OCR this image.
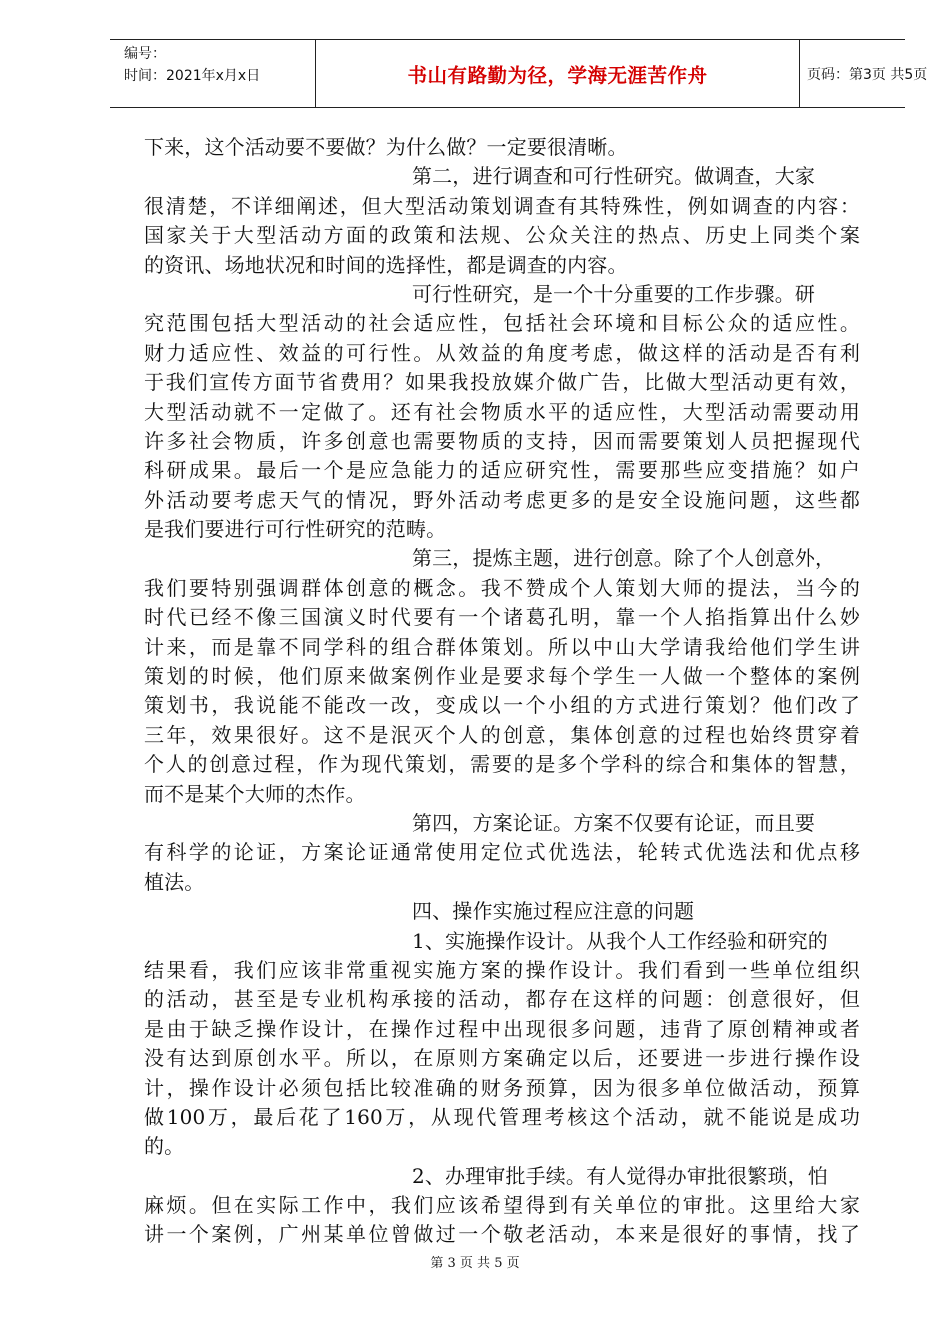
编号：
时间：2021年x月x日	书山有路勤为径，学海无涯苦作舟	页码：第3页 共5页
下来，这个活动要不要做？为什么做？一定要很清晰。
第二，进行调查和可行性研究。做调查，大家
很清楚，不详细阐述，但大型活动策划调查有其特殊性，例如调查的内容：
国家关于大型活动方面的政策和法规、公众关注的热点、历史上同类个案
的资讯、场地状况和时间的选择性，都是调查的内容。
可行性研究，是一个十分重要的工作步骤。研
究范围包括大型活动的社会适应性，包括社会环境和目标公众的适应性。
财力适应性、效益的可行性。从效益的角度考虑，做这样的活动是否有利
于我们宣传方面节省费用？如果我投放媒介做广告，比做大型活动更有效，
大型活动就不一定做了。还有社会物质水平的适应性，大型活动需要动用
许多社会物质，许多创意也需要物质的支持，因而需要策划人员把握现代
科研成果。最后一个是应急能力的适应研究性，需要那些应变措施？如户
外活动要考虑天气的情况，野外活动考虑更多的是安全设施问题，这些都
是我们要进行可行性研究的范畴。
第三，提炼主题，进行创意。除了个人创意外，
我们要特别强调群体创意的概念。我不赞成个人策划大师的提法，当今的
时代已经不像三国演义时代要有一个诸葛孔明，靠一个人掐指算出什么妙
计来，而是靠不同学科的组合群体策划。所以中山大学请我给他们学生讲
策划的时候，他们原来做案例作业是要求每个学生一人做一个整体的案例
策划书，我说能不能改一改，变成以一个小组的方式进行策划？他们改了
三年，效果很好。这不是泯灭个人的创意，集体创意的过程也始终贯穿着
个人的创意过程，作为现代策划，需要的是多个学科的综合和集体的智慧，
而不是某个大师的杰作。
第四，方案论证。方案不仅要有论证，而且要
有科学的论证，方案论证通常使用定位式优选法，轮转式优选法和优点移
植法。
四、操作实施过程应注意的问题
1、实施操作设计。从我个人工作经验和研究的
结果看，我们应该非常重视实施方案的操作设计。我们看到一些单位组织
的活动，甚至是专业机构承接的活动，都存在这样的问题：创意很好，但
是由于缺乏操作设计，在操作过程中出现很多问题，违背了原创精神或者
没有达到原创水平。所以，在原则方案确定以后，还要进一步进行操作设
计，操作设计必须包括比较准确的财务预算，因为很多单位做活动，预算
做100万，最后花了160万，从现代管理考核这个活动，就不能说是成功
的。
2、办理审批手续。有人觉得办审批很繁琐，怕
麻烦。但在实际工作中，我们应该希望得到有关单位的审批。这里给大家
讲一个案例，广州某单位曾做过一个敬老活动，本来是很好的事情，找了
第 3 页 共 5 页
